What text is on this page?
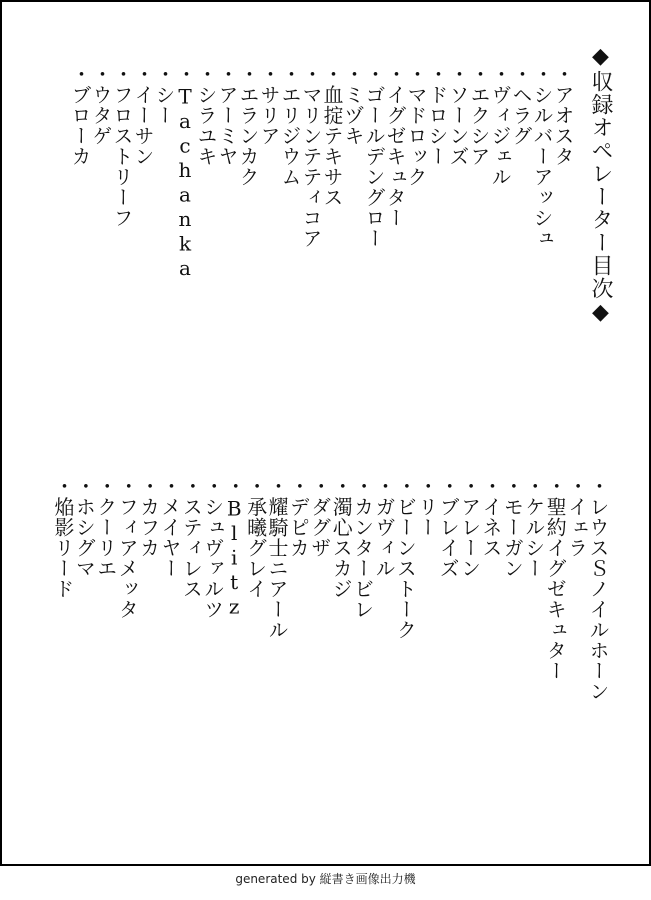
◆収録オペレーター目次◆
・アオスタ
・シルバーアッシュ
・ヘラグ
・ヴィジェル
・エクシア
・ソーンズ
・ドロシー
・マドロック
・イグゼキュター
・ゴールデングロー
・ミヅキ
・血掟テキサス
・マリンテティコア
・エリジウム
・サリア
・エランカク
・アーミヤ
・シラユキ
・Tachanka
・シー
・イーサン
・フロストリーフ
・ウタゲ
・ブローカ
・レウスＳノイルホーン
・イェラ
・聖約イグゼキュター
・ケルシー
・モーガン
・イネス
・アレーン
・ブレイズ
・リー
・ビーンストーク
・ガヴィル
・カンタービレ
・濁心スカジ
・ダグザ
・デピカ
・耀騎士ニアール
・承曦グレイ
・Blitz
・シュヴァルツ
・スティレス
・メイヤー
・カフカ
・フィアメッタ
・クーリエ
・ホシグマ
・焔影リード
generated by 縦書き画像出力機
